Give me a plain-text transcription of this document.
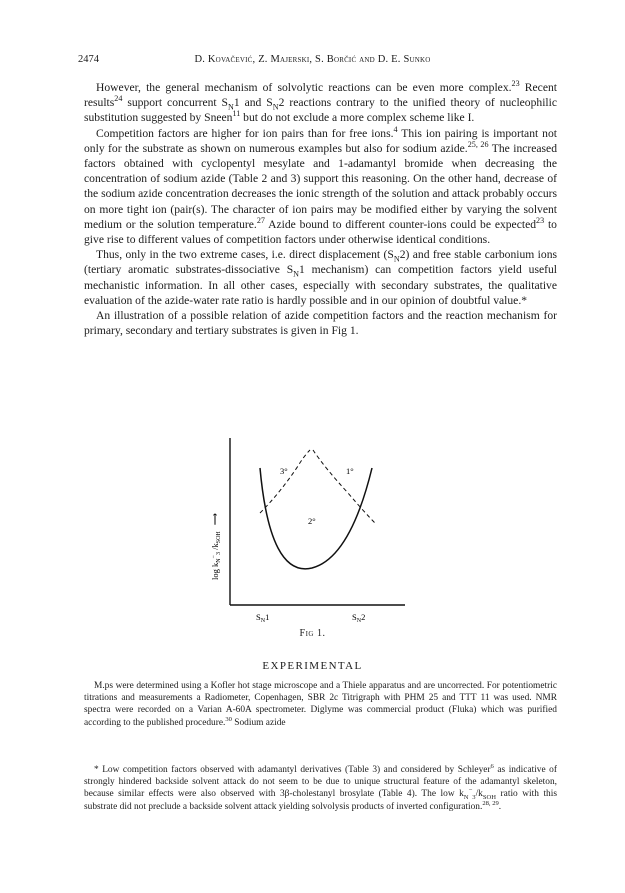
2474	D. Kovačević, Z. Majerski, S. Borčić and D. E. Sunko

However, the general mechanism of solvolytic reactions can be even more complex.$^{23}$ Recent results$^{24}$ support concurrent $S_N1$ and $S_N2$ reactions contrary to the unified theory of nucleophilic substitution suggested by Sneen$^{11}$ but do not exclude a more complex scheme like I.

Competition factors are higher for ion pairs than for free ions.$^4$ This ion pairing is important not only for the substrate as shown on numerous examples but also for sodium azide.$^{25, 26}$ The increased factors obtained with cyclopentyl mesylate and 1-adamantyl bromide when decreasing the concentration of sodium azide (Table 2 and 3) support this reasoning. On the other hand, decrease of the sodium azide concentration decreases the ionic strength of the solution and attack probably occurs on more tight ion (pair(s). The character of ion pairs may be modified either by varying the solvent medium or the solution temperature.$^{27}$ Azide bound to different counter-ions could be expected$^{23}$ to give rise to different values of competition factors under otherwise identical conditions.

Thus, only in the two extreme cases, i.e. direct displacement $(S_N2)$ and free stable carbonium ions (tertiary aromatic substrates-dissociative $S_N1$ mechanism) can competition factors yield useful mechanistic information. In all other cases, especially with secondary substrates, the qualitative evaluation of the azide-water rate ratio is hardly possible and in our opinion of doubtful value.*

An illustration of a possible relation of azide competition factors and the reaction mechanism for primary, secondary and tertiary substrates is given in Fig 1.

$\log k_N^-_3$ $/k_{SOH}⟶$
3°	1°
2°
$S_N1$	$S_N2$
Fig 1.
EXPERIMENTAL

M.ps were determined using a Kofler hot stage microscope and a Thiele apparatus and are uncorrected. For potentiometric titrations and measurements a Radiometer, Copenhagen, SBR 2c Titrigraph with PHM 25 and TTT 11 was used. NMR spectra were recorded on a Varian A-60A spectrometer. Diglyme was commercial product (Fluka) which was purified according to the published procedure.$^{30}$ Sodium azide

* Low competition factors observed with adamantyl derivatives (Table 3) and considered by Schleyer$^6$ as indicative of strongly hindered backside solvent attack do not seem to be due to unique structural feature of the adamantyl skeleton, because similar effects were also observed with 3β-cholestanyl brosylate (Table 4). The low $k_N^-_3/k_{SOH}$ ratio with this substrate did not preclude a backside solvent attack yielding solvolysis products of inverted configuration.$^{28, 29}$.
